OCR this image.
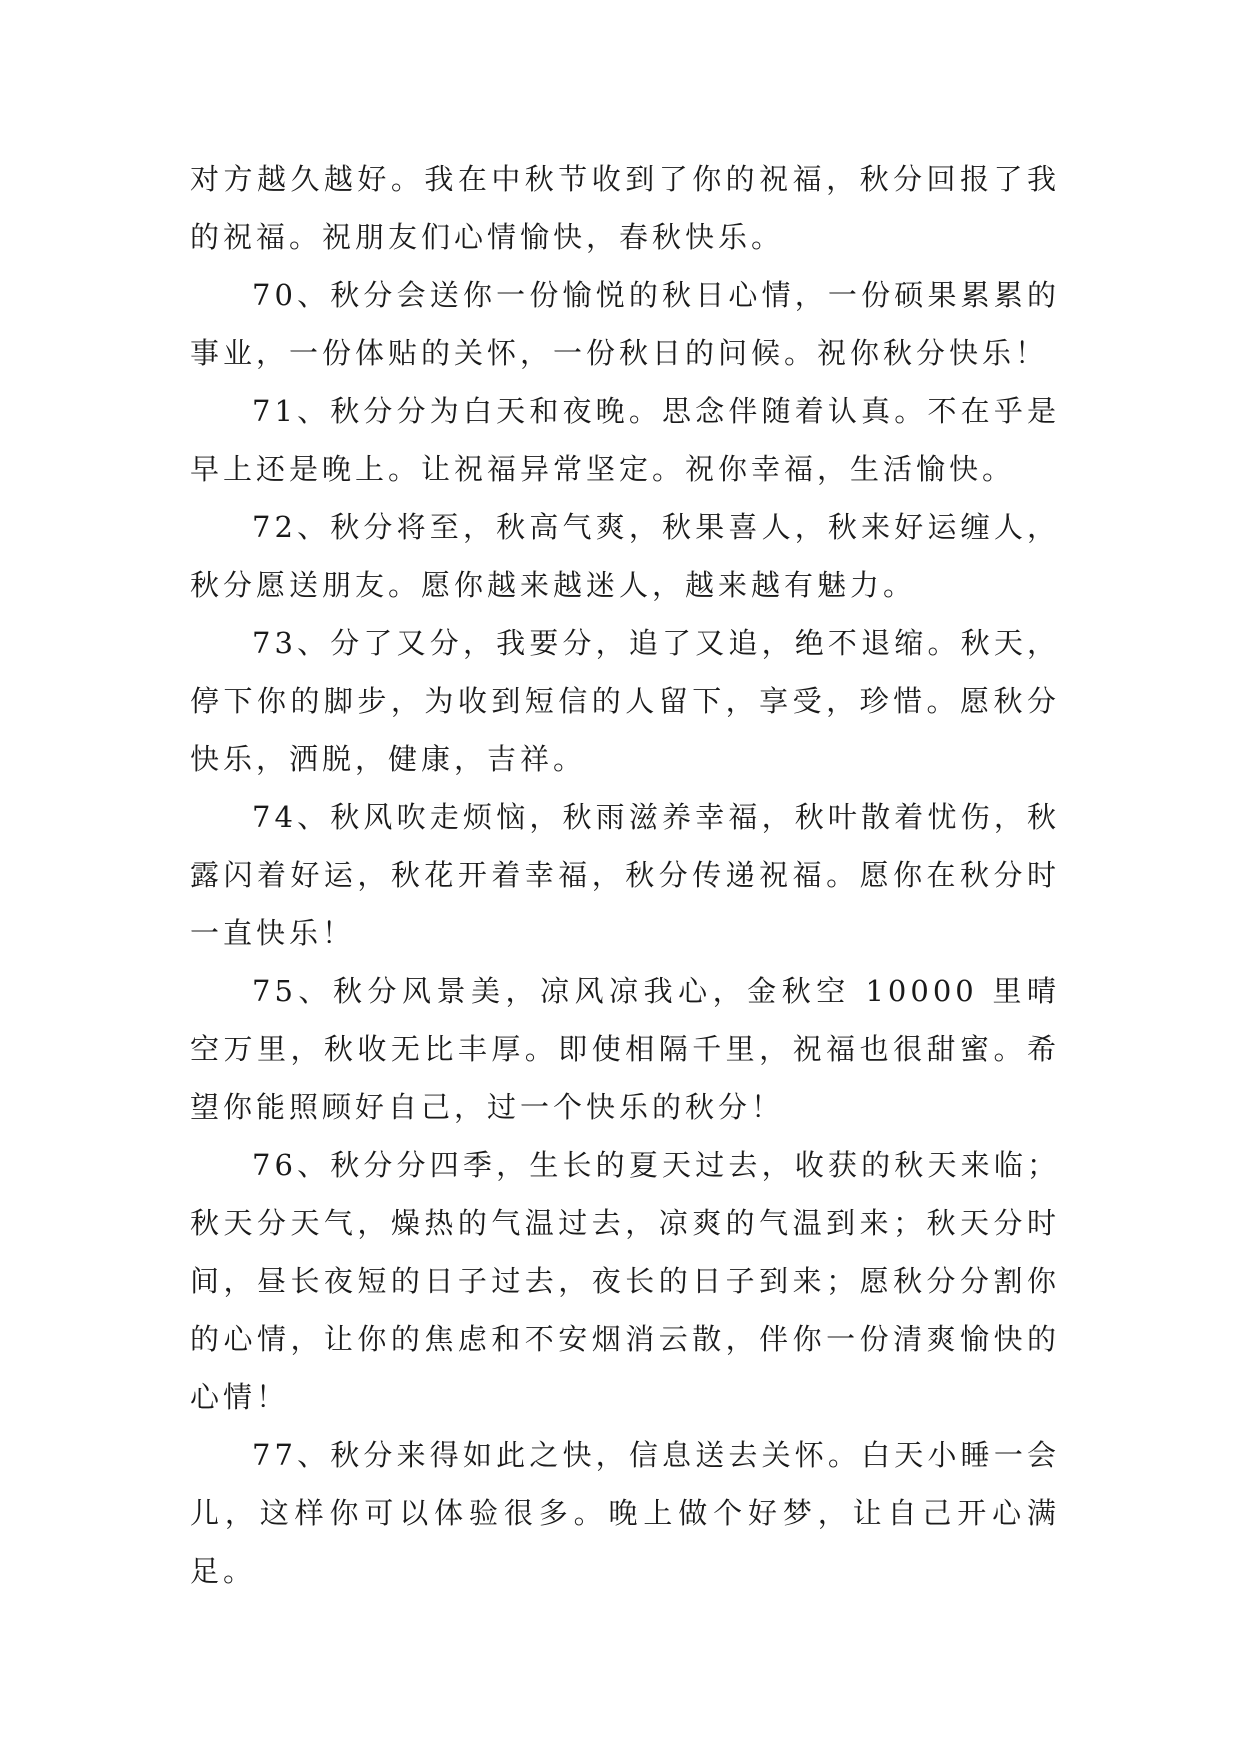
对方越久越好。我在中秋节收到了你的祝福，秋分回报了我的祝福。祝朋友们心情愉快，春秋快乐。

70、秋分会送你一份愉悦的秋日心情，一份硕果累累的事业，一份体贴的关怀，一份秋日的问候。祝你秋分快乐！

71、秋分分为白天和夜晚。思念伴随着认真。不在乎是早上还是晚上。让祝福异常坚定。祝你幸福，生活愉快。

72、秋分将至，秋高气爽，秋果喜人，秋来好运缠人，秋分愿送朋友。愿你越来越迷人，越来越有魅力。

73、分了又分，我要分，追了又追，绝不退缩。秋天，停下你的脚步，为收到短信的人留下，享受，珍惜。愿秋分快乐，洒脱，健康，吉祥。

74、秋风吹走烦恼，秋雨滋养幸福，秋叶散着忧伤，秋露闪着好运，秋花开着幸福，秋分传递祝福。愿你在秋分时一直快乐！

75、秋分风景美，凉风凉我心，金秋空 10000 里晴空万里，秋收无比丰厚。即使相隔千里，祝福也很甜蜜。希望你能照顾好自己，过一个快乐的秋分！

76、秋分分四季，生长的夏天过去，收获的秋天来临；秋天分天气，燥热的气温过去，凉爽的气温到来；秋天分时间，昼长夜短的日子过去，夜长的日子到来；愿秋分分割你的心情，让你的焦虑和不安烟消云散，伴你一份清爽愉快的心情！

77、秋分来得如此之快，信息送去关怀。白天小睡一会儿，这样你可以体验很多。晚上做个好梦，让自己开心满足。
